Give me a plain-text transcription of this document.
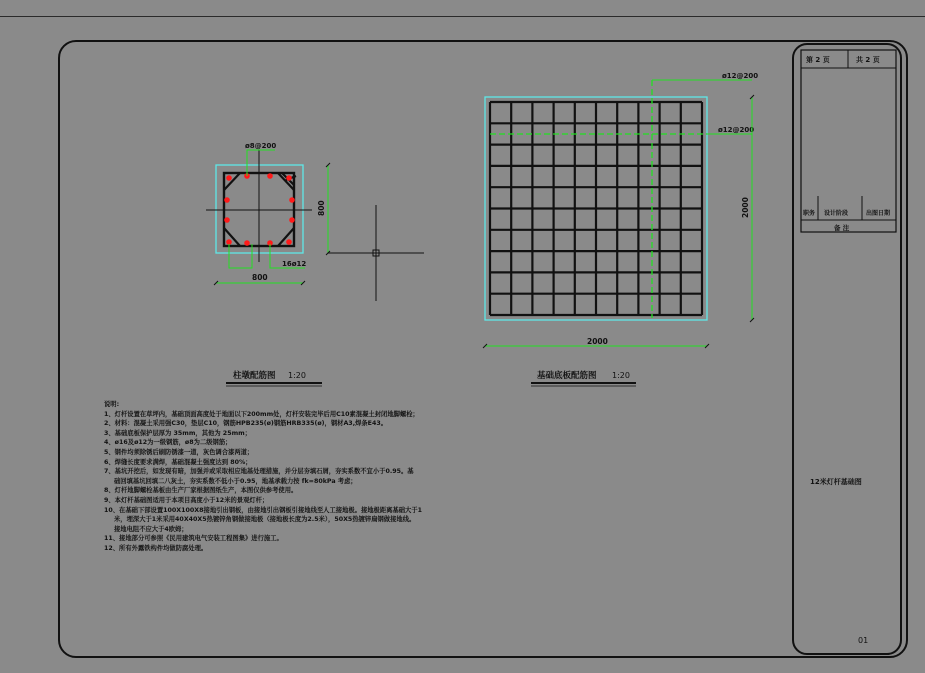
第 2 页	共 2 页
职务 设计阶段	出图日期
备 注
12米灯杆基础图
01
ø8@200
16ø12
800
800
柱墩配筋图 1:20
ø12@200
ø12@200
2000
2000
基础底板配筋图 1:20
说明:
1、灯杆设置在草坪内，基础顶面高度处于地面以下200mm处，灯杆安装完毕后用C10素混凝土封闭地脚螺栓；
2、材料：混凝土采用强C30，垫层C10，钢筋HPB235(ø)钢筋HRB335(ø)，钢材A3,焊条E43。
3、基础底板保护层厚为 35mm，其他为 25mm；
4、ø16及ø12为一级钢筋，ø8为二级钢筋；
5、钢件均须除锈后刷防锈漆一道，灰色调合漆两道；
6、焊缝长度要求满焊，基础混凝土强度达到 80%；
7、基坑开挖后，如发现有暗，加强并或采取相应地基处理措施，并分层夯填石屑，夯实系数不宜小于0.95。基
础回填基坑回填二八灰土，夯实系数不低小于0.95，地基承载力按 fk=80kPa 考虑；
8、灯杆地脚螺栓基板由生产厂家根据图纸生产，本图仅供参考使用。
9、本灯杆基础图适用于本项目高度小于12米的景观灯杆；
10、在基础下部设置100X100X8接地引出钢板，由接地引出钢板引接地线至人工接地极。接地极距离基础大于1
米，埋深大于1米采用40X40X5热镀锌角钢做接地极（接地极长度为2.5米），50X5热镀锌扁钢做接地线。
接地电阻不应大于4欧姆；
11、接地部分可参照《民用建筑电气安装工程图集》进行施工。
12、所有外露铁构件均做防腐处理。
